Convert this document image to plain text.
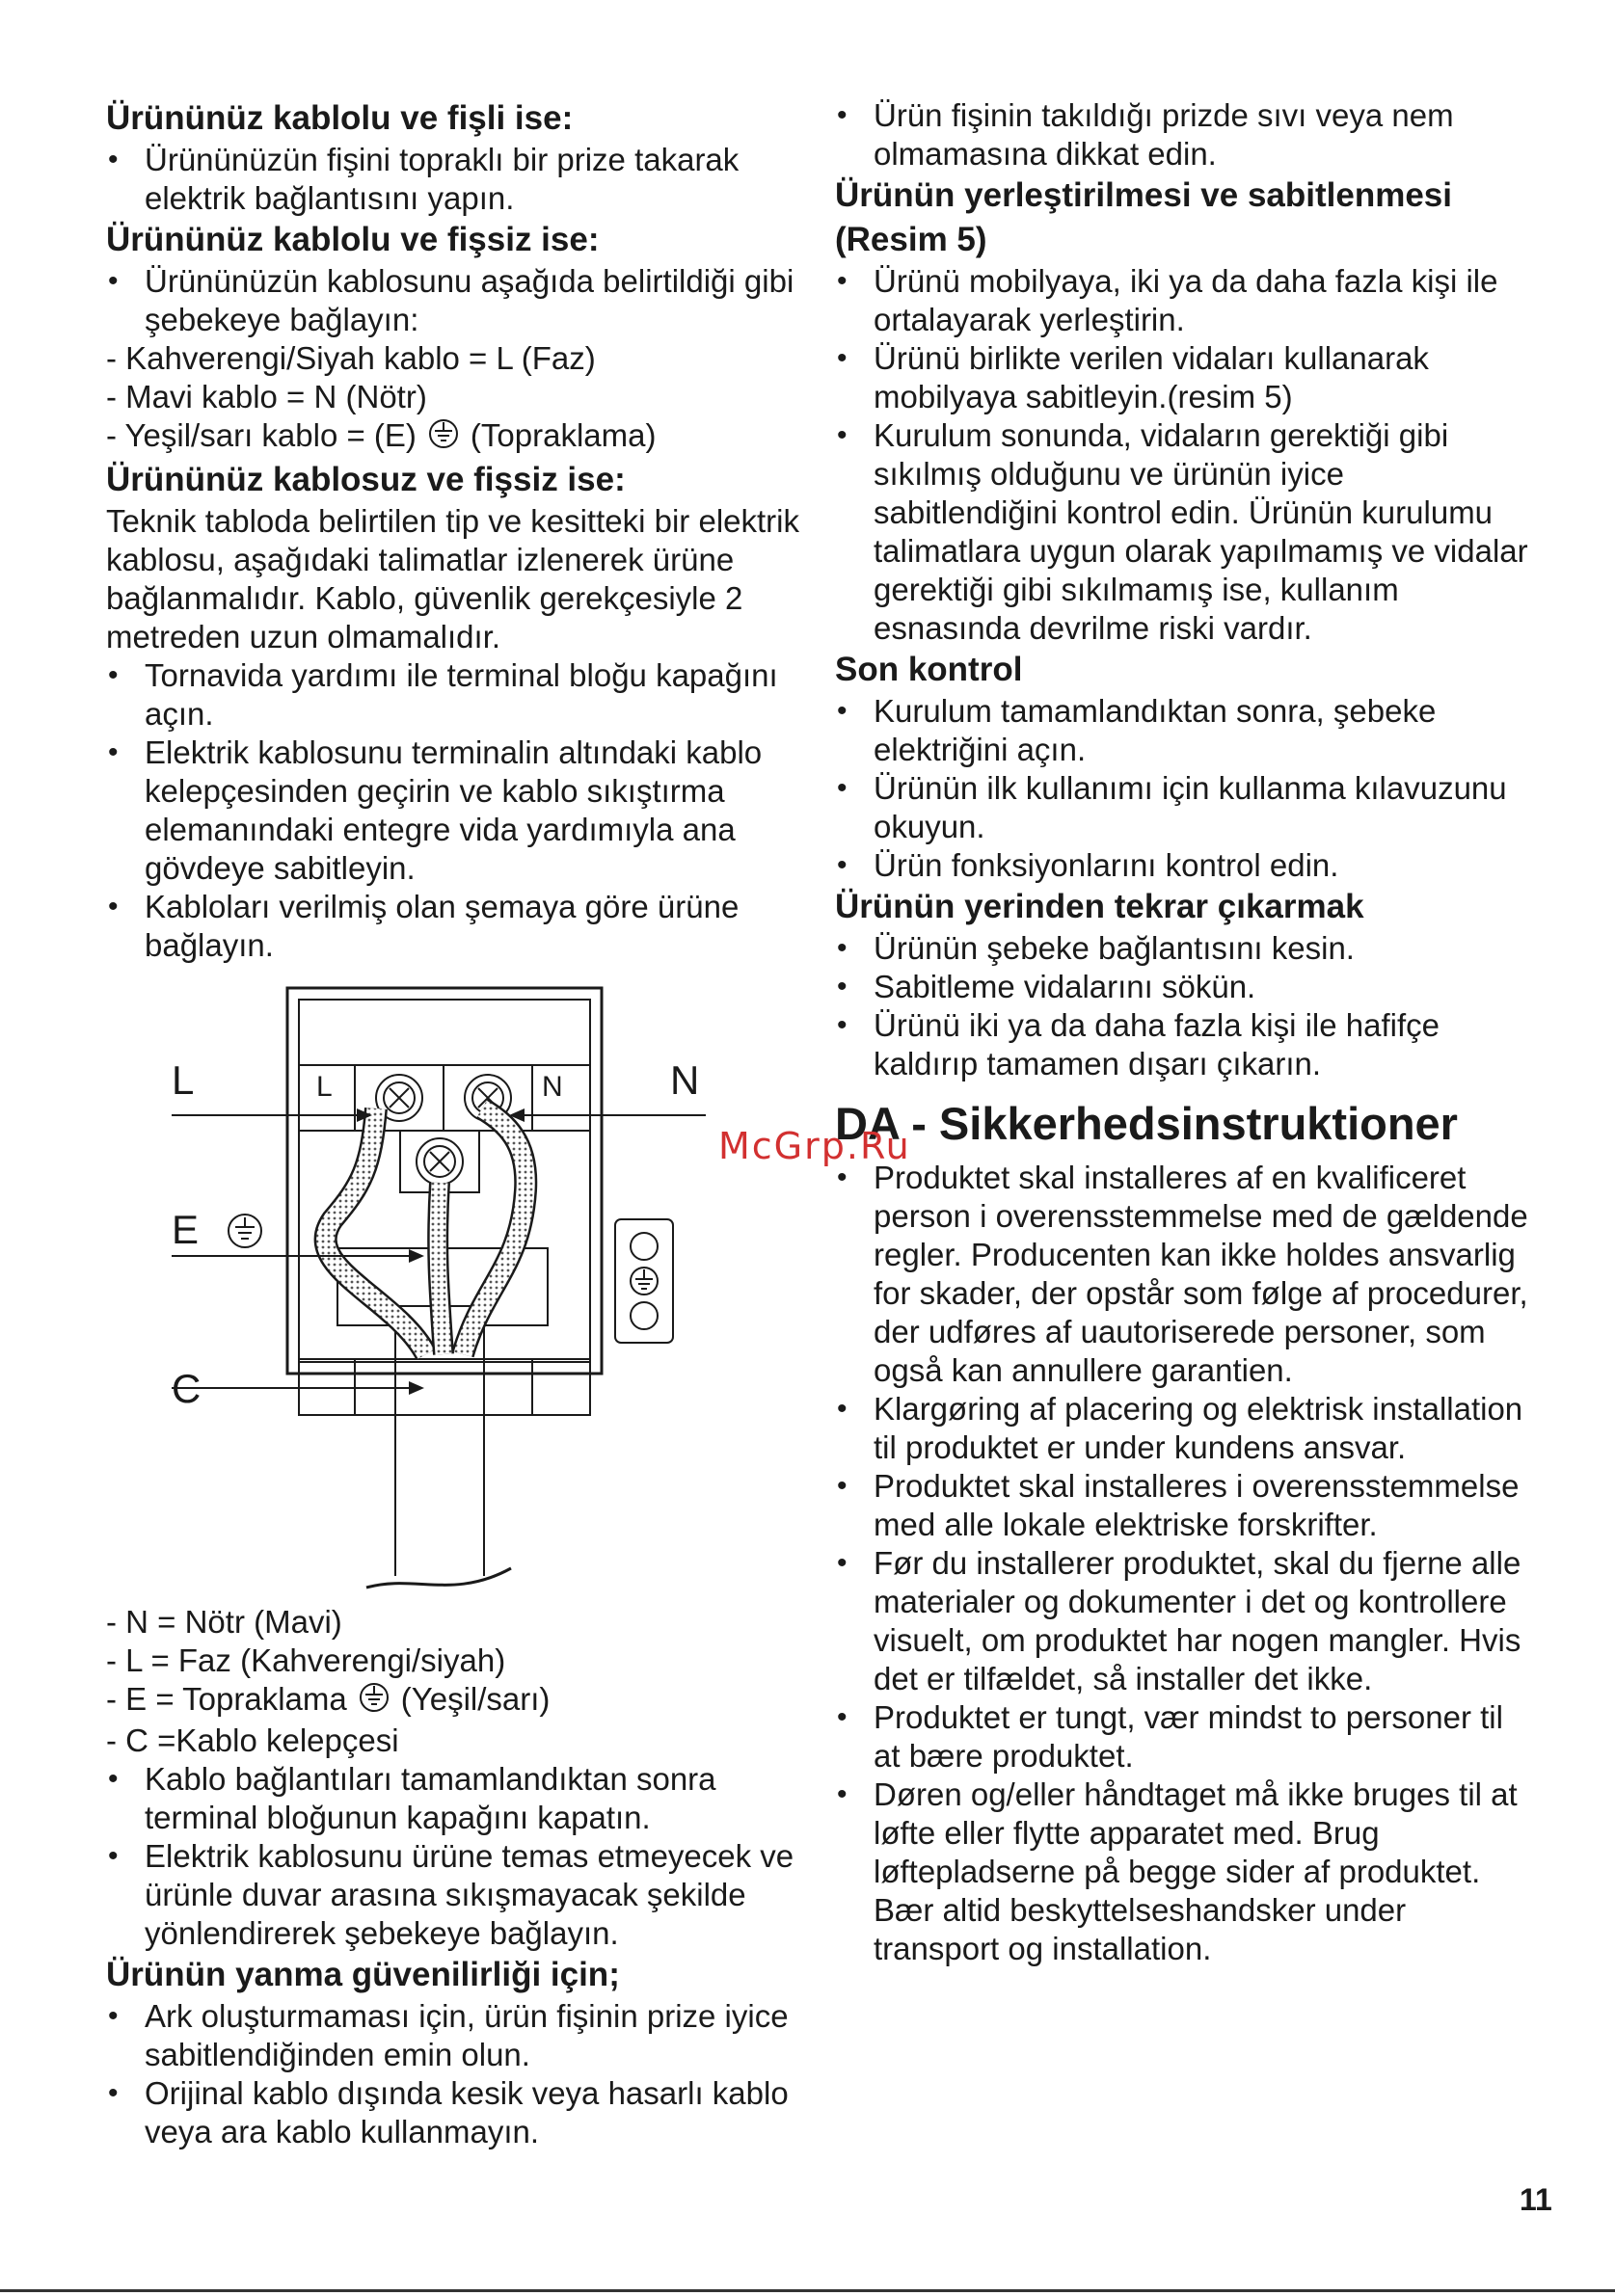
Ürününüz kablolu ve fişli ise:
• Ürününüzün fişini topraklı bir prize takarak elektrik bağlantısını yapın.
Ürününüz kablolu ve fişsiz ise:
• Ürününüzün kablosunu aşağıda belirtildiği gibi şebekeye bağlayın:
- Kahverengi/Siyah kablo = L (Faz)
- Mavi kablo = N (Nötr)
- Yeşil/sarı kablo = (E) (Topraklama)
Ürününüz kablosuz ve fişsiz ise:

Teknik tabloda belirtilen tip ve kesitteki bir elektrik kablosu, aşağıdaki talimatlar izlenerek ürüne bağlanmalıdır. Kablo, güvenlik gerekçesiyle 2 metreden uzun olmamalıdır.

• Tornavida yardımı ile terminal bloğu kapağını açın.
• Elektrik kablosunu terminalin altındaki kablo kelepçesinden geçirin ve kablo sıkıştırma elemanındaki entegre vida yardımıyla ana gövdeye sabitleyin.
• Kabloları verilmiş olan şemaya göre ürüne bağlayın.
L	L	N	N
E
C
- N = Nötr (Mavi)
- L = Faz (Kahverengi/siyah)
- E = Topraklama (Yeşil/sarı)
- C =Kablo kelepçesi
• Kablo bağlantıları tamamlandıktan sonra terminal bloğunun kapağını kapatın.
• Elektrik kablosunu ürüne temas etmeyecek ve ürünle duvar arasına sıkışmayacak şekilde yönlendirerek şebekeye bağlayın.
Ürünün yanma güvenilirliği için;
• Ark oluşturmaması için, ürün fişinin prize iyice sabitlendiğinden emin olun.
• Orijinal kablo dışında kesik veya hasarlı kablo veya ara kablo kullanmayın.
• Ürün fişinin takıldığı prizde sıvı veya nem olmamasına dikkat edin.
Ürünün yerleştirilmesi ve sabitlenmesi (Resim 5)
• Ürünü mobilyaya, iki ya da daha fazla kişi ile ortalayarak yerleştirin.
• Ürünü birlikte verilen vidaları kullanarak mobilyaya sabitleyin.(resim 5)
• Kurulum sonunda, vidaların gerektiği gibi sıkılmış olduğunu ve ürünün iyice sabitlendiğini kontrol edin. Ürünün kurulumu talimatlara uygun olarak yapılmamış ve vidalar gerektiği gibi sıkılmamış ise, kullanım esnasında devrilme riski vardır.
Son kontrol
• Kurulum tamamlandıktan sonra, şebeke elektriğini açın.
• Ürünün ilk kullanımı için kullanma kılavuzunu okuyun.
• Ürün fonksiyonlarını kontrol edin.
Ürünün yerinden tekrar çıkarmak
• Ürünün şebeke bağlantısını kesin.
• Sabitleme vidalarını sökün.
• Ürünü iki ya da daha fazla kişi ile hafifçe kaldırıp tamamen dışarı çıkarın.
DA - Sikkerhedsinstruktioner
• Produktet skal installeres af en kvalificeret person i overensstemmelse med de gældende regler. Producenten kan ikke holdes ansvarlig for skader, der opstår som følge af procedurer, der udføres af uautoriserede personer, som også kan annullere garantien.
• Klargøring af placering og elektrisk installation til produktet er under kundens ansvar.
• Produktet skal installeres i overensstemmelse med alle lokale elektriske forskrifter.
• Før du installerer produktet, skal du fjerne alle materialer og dokumenter i det og kontrollere visuelt, om produktet har nogen mangler. Hvis det er tilfældet, så installer det ikke.
• Produktet er tungt, vær mindst to personer til at bære produktet.
• Døren og/eller håndtaget må ikke bruges til at løfte eller flytte apparatet med. Brug løftepladserne på begge sider af produktet. Bær altid beskyttelseshandsker under transport og installation.
McGrp.Ru
11
